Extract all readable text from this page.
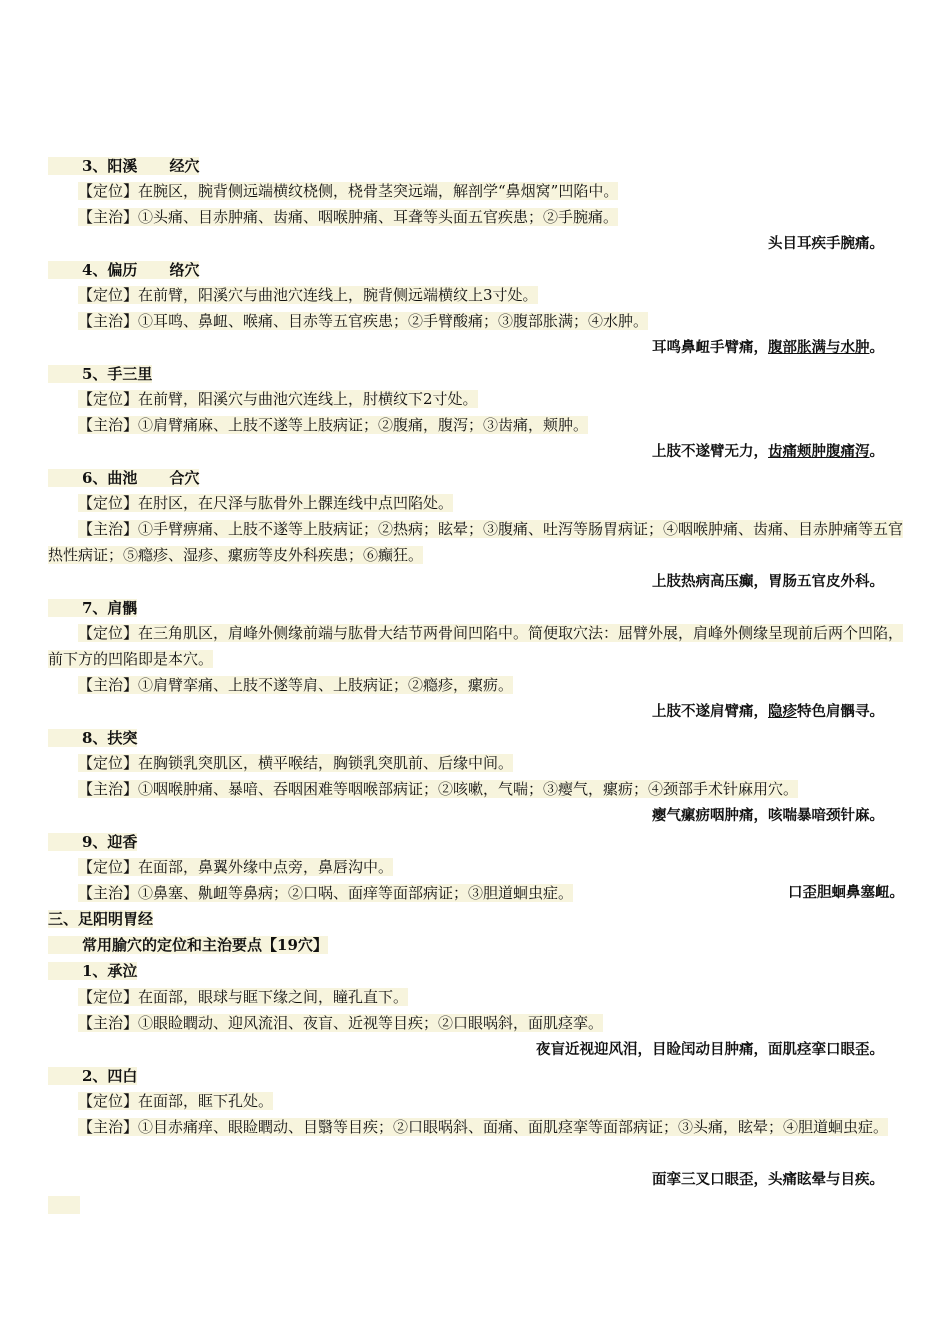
3、阳溪 经穴
【定位】在腕区，腕背侧远端横纹桡侧，桡骨茎突远端，解剖学“鼻烟窝”凹陷中。
【主治】①头痛、目赤肿痛、齿痛、咽喉肿痛、耳聋等头面五官疾患；②手腕痛。
头目耳疾手腕痛。
4、偏历 络穴
【定位】在前臂，阳溪穴与曲池穴连线上，腕背侧远端横纹上3寸处。
【主治】①耳鸣、鼻衄、喉痛、目赤等五官疾患；②手臂酸痛；③腹部胀满；④水肿。
耳鸣鼻衄手臂痛，腹部胀满与水肿。
5、手三里
【定位】在前臂，阳溪穴与曲池穴连线上，肘横纹下2寸处。
【主治】①肩臂痛麻、上肢不遂等上肢病证；②腹痛，腹泻；③齿痛，颊肿。
上肢不遂臂无力，齿痛颊肿腹痛泻。
6、曲池 合穴
【定位】在肘区，在尺泽与肱骨外上髁连线中点凹陷处。
【主治】①手臂痹痛、上肢不遂等上肢病证；②热病；眩晕；③腹痛、吐泻等肠胃病证；④咽喉肿痛、齿痛、目赤肿痛等五官热性病证；⑤瘾疹、湿疹、瘰疬等皮外科疾患；⑥癫狂。
上肢热病高压癫，胃肠五官皮外科。
7、肩髃
【定位】在三角肌区，肩峰外侧缘前端与肱骨大结节两骨间凹陷中。简便取穴法：屈臂外展，肩峰外侧缘呈现前后两个凹陷，前下方的凹陷即是本穴。
【主治】①肩臂挛痛、上肢不遂等肩、上肢病证；②瘾疹，瘰疬。
上肢不遂肩臂痛，隐疹特色肩髃寻。
8、扶突
【定位】在胸锁乳突肌区，横平喉结，胸锁乳突肌前、后缘中间。
【主治】①咽喉肿痛、暴喑、吞咽困难等咽喉部病证；②咳嗽，气喘；③瘿气，瘰疬；④颈部手术针麻用穴。
瘿气瘰疬咽肿痛，咳喘暴喑颈针麻。
9、迎香
【定位】在面部，鼻翼外缘中点旁，鼻唇沟中。
【主治】①鼻塞、鼽衄等鼻病；②口㖞、面痒等面部病证；③胆道蛔虫症。	口歪胆蛔鼻塞衄。
三、足阳明胃经
常用腧穴的定位和主治要点【19穴】
1、承泣
【定位】在面部，眼球与眶下缘之间，瞳孔直下。
【主治】①眼睑瞤动、迎风流泪、夜盲、近视等目疾；②口眼㖞斜，面肌痉挛。
夜盲近视迎风泪，目睑闰动目肿痛，面肌痉挛口眼歪。
2、四白
【定位】在面部，眶下孔处。
【主治】①目赤痛痒、眼睑瞤动、目翳等目疾；②口眼㖞斜、面痛、面肌痉挛等面部病证；③头痛，眩晕；④胆道蛔虫症。
面挛三叉口眼歪，头痛眩晕与目疾。
